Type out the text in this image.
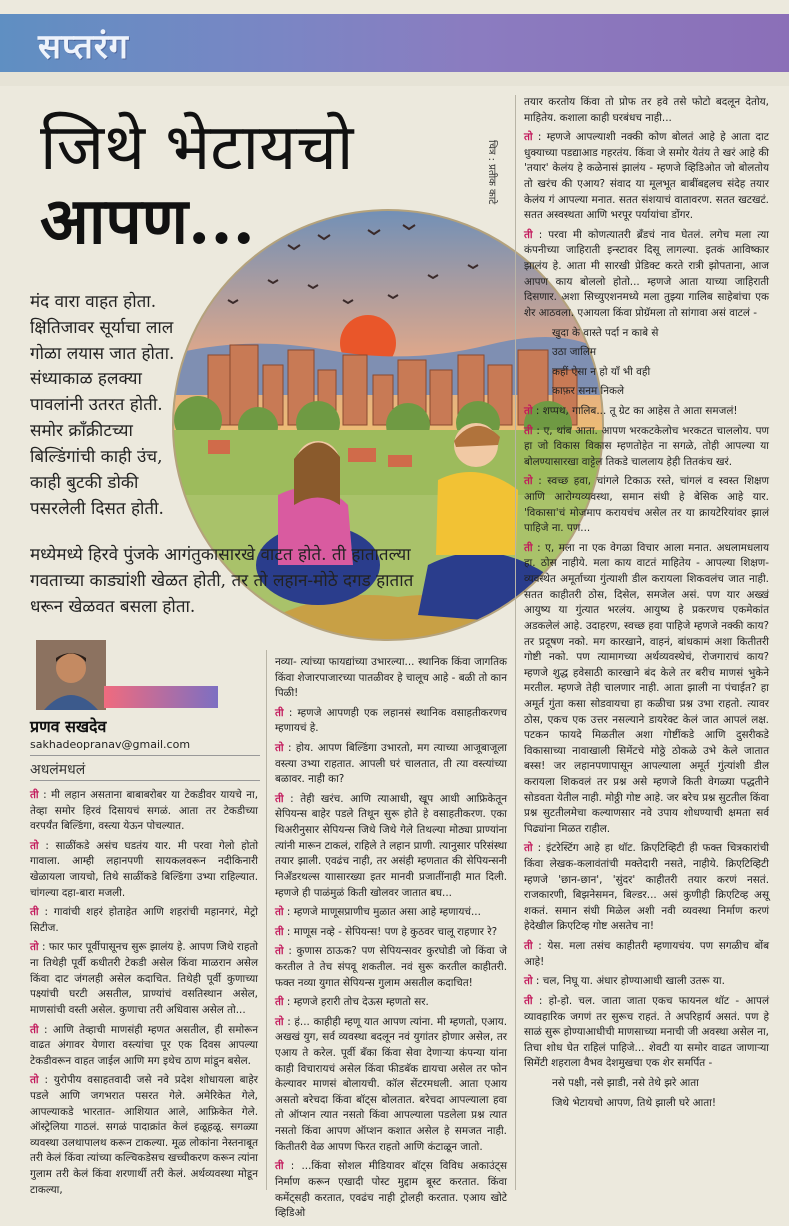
सप्तरंग
जिथे भेटायचो
आपण...
चित्र : प्रतीक काटे
मंद वारा वाहत होता.
क्षितिजावर सूर्याचा लाल
गोळा लयास जात होता.
संध्याकाळ हलक्या
पावलांनी उतरत होती.
समोर क्राँक्रीटच्या
बिल्डिंगांची काही उंच,
काही बुटकी डोकी
पसरलेली दिसत होती.
मध्येमध्ये हिरवे पुंजके आगंतुकासारखे वाटत होते. ती हातातल्या गवताच्या काड्यांशी खेळत होती, तर तो लहान-मोठे दगड हातात धरून खेळवत बसला होता.
प्रणव सखदेव
sakhadeopranav@gmail.com
अधलंमधलं

ती : मी लहान असताना बाबाबरोबर या टेकडीवर यायचे ना, तेव्हा समोर हिरवं दिसायचं सगळं. आता तर टेकडीच्या वरपर्यंत बिल्डिंगा, वस्त्या येऊन पोचल्यात.

तो : साळींकडे असंच घडतंय यार. मी परवा गेलो होतो गावाला. आम्ही लहानपणी सायकलवरून नदीकिनारी खेळायला जायचो, तिथे साळींकडे बिल्डिंगा उभ्या राहिल्यात. चांगल्या दहा-बारा मजली.

ती : गावांची शहरं होताहेत आणि शहरांची महानगरं, मेट्रो सिटीज.

तो : फार फार पूर्वीपासूनच सुरू झालंय हे. आपण जिथे राहतो ना तिथेही पूर्वी कधीतरी टेकडी असेल किंवा माळरान असेल किंवा दाट जंगलही असेल कदाचित. तिथेही पूर्वी कुणाच्या पक्ष्यांची घरटी असतील, प्राण्यांचं वसतिस्थान असेल, माणसांची वस्ती असेल. कुणाचा तरी अधिवास असेल तो...

ती : आणि तेव्हाची माणसंही म्हणत असतील, ही समोरून वाढत अंगावर येणारा वस्त्यांचा पूर एक दिवस आपल्या टेकडीवरून वाहत जाईल आणि मग इथेच ठाण मांडून बसेल.

तो : युरोपीय वसाहतवादी जसे नवे प्रदेश शोधायला बाहेर पडले आणि जगभरात पसरत गेले. अमेरिकेत गेले, आपल्याकडे भारतात- आशियात आले, आफ्रिकेत गेले. ऑस्ट्रेलिया गाठलं. सगळं पादाक्रांत केलं हळूहळू. सगळ्या व्यवस्था उलथापालथ करून टाकल्या. मूळ लोकांना नेस्तनाबूत तरी केलं किंवा त्यांच्या कल्चिकडेसच खच्चीकरण करून त्यांना गुलाम तरी केलं किंवा शरणार्थी तरी केलं. अर्थव्यवस्था मोडून टाकल्या,

नव्या- त्यांच्या फायद्यांच्या उभारल्या... स्थानिक किंवा जागतिक किंवा शेजारपाजारच्या पातळीवर हे चालूच आहे - बळी तो कान पिळी!

ती : म्हणजे आपणही एक लहानसं स्थानिक वसाहतीकरणच म्हणायचं हे.

तो : होय. आपण बिल्डिंगा उभारतो, मग त्याच्या आजूबाजूला वस्त्या उभ्या राहतात. आपली घरं चालतात, ती त्या वस्त्यांच्या बळावर. नाही का?

ती : तेही खरंच. आणि त्याआधी, खूप आधी आफ्रिकेतून सेपियन्स बाहेर पडले तिथून सुरू होते हे वसाहतीकरण. एका थिअरीनुसार सेपियन्स जिथे जिथे गेले तिथल्या मोठ्या प्राण्यांना त्यांनी मारून टाकलं, राहिले ते लहान प्राणी. त्यानुसार परिसंस्था तयार झाली. एवढंच नाही, तर असंही म्हणतात की सेपियन्सनी निअँडरथल्स याासारख्या इतर मानवी प्रजातींनाही मात दिली. म्हणजे ही पाळंमुळं किती खोलवर जातात बघ...

तो : म्हणजे माणूसप्राणीच मुळात असा आहे म्हणायचं...

ती : माणूस नव्हे - सेपियन्स! पण हे कुठवर चालू राहणार रे?

तो : कुणास ठाऊक? पण सेपियन्सवर कुरघोडी जो किंवा जे करतील ते तेच संपवू शकतील. नवं सुरू करतील काहीतरी. फक्त नव्या युगात सेपियन्स गुलाम असतील कदाचित!

ती : म्हणजे हरारी तोच देऊस म्हणतो सर.

तो : हं... काहीही म्हणू यात आपण त्यांना. मी म्हणतो, एआय. अखखं युग, सर्व व्यवस्था बदलून नवं युगांतर होणार असेल, तर एआय ते करेल. पूर्वी बँका किंवा सेवा देणाऱ्या कंपन्या यांना काही विचारायचं असेल किंवा फीडबॅक द्यायचा असेल तर फोन केल्यावर माणसं बोलायची. कॉल सेंटरमधली. आता एआय असतो बरेचदा किंवा बॉट्स बोलतात. बरेचदा आपल्याला हवा तो ऑप्शन त्यात नसतो किंवा आपल्याला पडलेला प्रश्न त्यात नसतो किंवा आपण ऑप्शन कशात असेल हे समजत नाही. कितीतरी वेळ आपण फिरत राहतो आणि कंटाळून जातो.

ती : ...किंवा सोशल मीडियावर बॉट्स विविध अकाउंट्स निर्माण करून एखादी पोस्ट मुद्दाम बूस्ट करतात. किंवा कमेंट्सही करतात, एवढंच नाही ट्रोलही करतात. एआय खोटे व्हिडिओ

तयार करतोय किंवा तो प्रोफ तर हवे तसे फोटो बदलून देतोय, माहितेय. कशाला काही घरबंधच नाही...

तो : म्हणजे आपल्याशी नक्की कोण बोलतं आहे हे आता दाट धुक्याच्या पडद्याआड गहरतंय. किंवा जे समोर येतंय ते खरं आहे की 'तयार' केलंय हे कळेनासं झालंय - म्हणजे व्हिडिओत जो बोलतोय तो खरंच की एआय? संवाद या मूलभूत बाबींबद्दलच संदेह तयार केलंय गं आपल्या मनात. सतत संशयाचं वातावरण. सतत खटखटं. सतत अस्वस्थता आणि भरपूर पर्यायांचा डोंगर.

ती : परवा मी कोणत्यातरी ब्रँडचं नाव घेतलं. लगेच मला त्या कंपनीच्या जाहिराती इन्स्टावर दिसू लागल्या. इतकं आविष्कार झालंय हे. आता मी सारखी प्रेडिक्ट करते रात्री झोपताना, आज आपण काय बोललो होतो... म्हणजे आता याच्या जाहिराती दिसणार. अशा सिच्युएशनमध्ये मला तुझ्या गालिब साहेबांचा एक शेर आठवला. एआयला किंवा प्रोग्रॅमला तो सांगावा असं वाटलं -

खुदा के वास्ते पर्दा न काबे से

उठा जालिम

कहीं ऐसा न हो याँ भी वही

काफ़र सनम निकले

तो : शप्पथ, गालिब... तू ग्रेट का आहेस ते आता समजलं!

ती : ए, थांब आता. आपण भरकटकेलोच भरकटत चाललोय. पण हा जो विकास विकास म्हणतोहेत ना सगळे, तोही आपल्या या बोलण्यासारखा वाट्टेल तिकडे चाललाय हेही तितकंच खरं.

तो : स्वच्छ हवा, चांगले टिकाऊ रस्ते, चांगलं व स्वस्त शिक्षण आणि आरोग्यव्यवस्था, समान संधी हे बेसिक आहे यार. 'विकासा'चं मोजमाप करायचंच असेल तर या क्रायटेरियांवर झालं पाहिजे ना. पण...

ती : ए, मला ना एक वेगळा विचार आला मनात. अधलामधलाय हा. ठोस नाहीये. मला काय वाटतं माहितेय - आपल्या शिक्षण-व्यवस्थेत अमूर्ताच्या गुंत्याशी डील करायला शिकवलंच जात नाही. सतत काहीतरी ठोस, दिसेल, समजेल असं. पण यार अख्खं आयुष्य या गुंत्यात भरलंय. आयुष्य हे प्रकरणच एकमेकांत अडकलेलं आहे. उदाहरण, स्वच्छ हवा पाहिजे म्हणजे नक्की काय? तर प्रदूषण नको. मग कारखाने, वाहनं, बांधकामं अशा कितीतरी गोष्टी नको. पण त्यामागच्या अर्थव्यवस्थेचं, रोजगाराचं काय? म्हणजे शुद्ध हवेसाठी कारखाने बंद केले तर बरीच माणसं भुकेने मरतील. म्हणजे तेही चालणार नाही. आता झाली ना पंचाईत? हा अमूर्त गुंता कसा सोडवायचा हा कळीचा प्रश्न उभा राहतो. त्यावर ठोस, एकच एक उत्तर नसल्याने डायरेक्ट केलं जात आपलं लक्ष. पटकन फायदे मिळतील अशा गोष्टींकडे आणि दुसरीकडे विकासाच्या नावाखाली सिमेंटचे मोठ्ठे ठोकळे उभे केले जातात बस्स! जर लहानपणापासून आपल्याला अमूर्त गुंत्यांशी डील करायला शिकवलं तर प्रश्न असे म्हणजे किती वेगळ्या पद्धतीने सोडवता येतील नाही. मोठ्ठी गोष्ट आहे. जर बरेच प्रश्न सुटतील किंवा प्रश्न सुटतीलमेचा कल्याणसार नवे उपाय शोधण्याची क्षमता सर्व पिढ्यांना मिळत राहील.

तो : इंटरेस्टिंग आहे हा थॉट. क्रिएटिव्हिटी ही फक्त चित्रकारांची किंवा लेखक-कलावंतांची मक्तेदारी नसते, नाहीये. क्रिएटिव्हिटी म्हणजे 'छान-छान', 'सुंदर' काहीतरी तयार करणं नसतं. राजकारणी, बिझनेसमन, बिल्डर... असं कुणीही क्रिएटिव्ह असू शकतं. समान संधी मिळेल अशी नवी व्यवस्था निर्माण करणं हेदेखील क्रिएटिव्ह गोष्ट असतेच ना!

ती : येस. मला तसंच काहीतरी म्हणायचंय. पण सगळीच बोंब आहे!

तो : चल, निघू या. अंधार होण्याआधी खाली उतरू या.

ती : हो-हो. चल. जाता जाता एकच फायनल थॉट - आपलं व्यावहारिक जगणं तर सुरूच राहतं. ते अपरिहार्य असतं. पण हे साळं सुरू होण्याआधीची माणसाच्या मनाची जी अवस्था असेल ना, तिचा शोध घेत राहिलं पाहिजे... शेवटी या समोर वाढत जाणाऱ्या सिमेंटी शहराला वैभव देशमुखचा एक शेर समर्पित -

नसे पक्षी, नसे झाडी, नसे तेथे झरे आता

जिथे भेटायचो आपण, तिथे झाली घरे आता!
